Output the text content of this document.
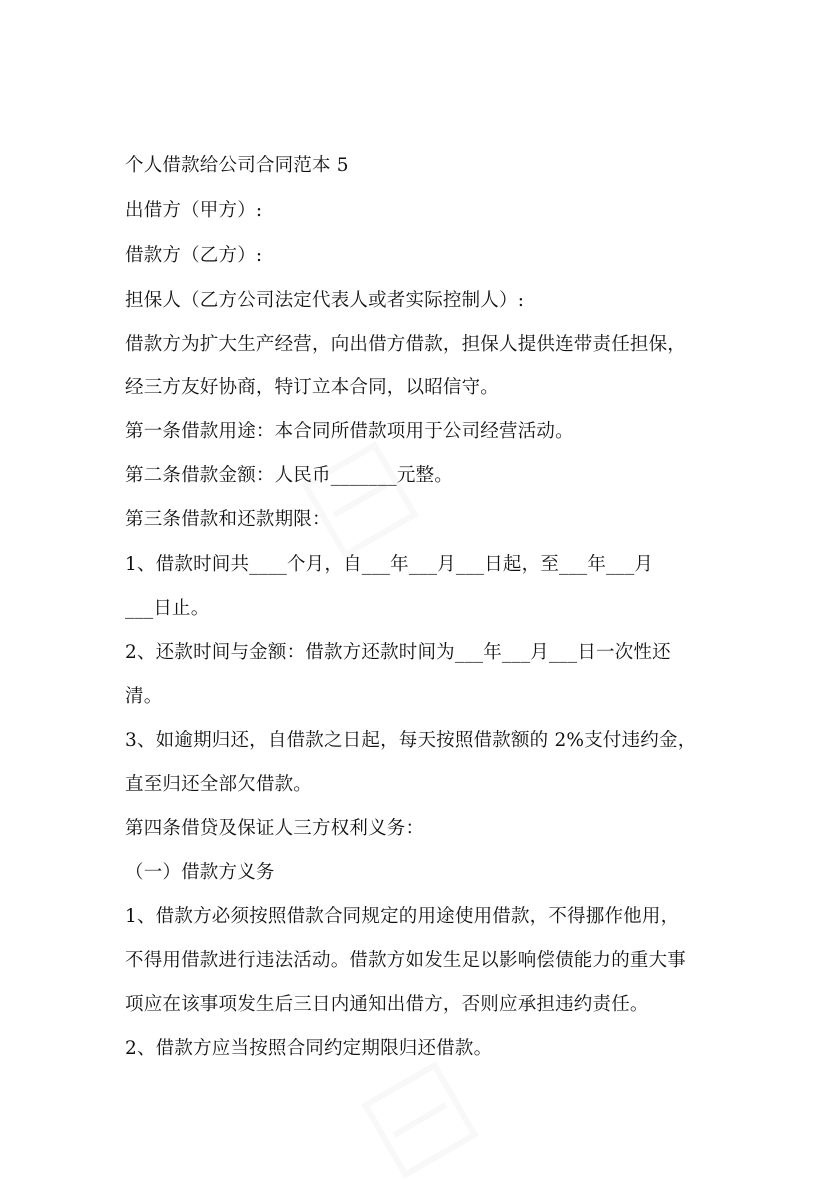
个人借款给公司合同范本 5
出借方（甲方）:
借款方（乙方）:
担保人（乙方公司法定代表人或者实际控制人）:
借款方为扩大生产经营，向出借方借款，担保人提供连带责任担保，
经三方友好协商，特订立本合同，以昭信守。
第一条借款用途：本合同所借款项用于公司经营活动。
第二条借款金额：人民币_______元整。
第三条借款和还款期限：
1、借款时间共____个月，自___年___月___日起，至___年___月
___日止。
2、还款时间与金额：借款方还款时间为___年___月___日一次性还
清。
3、如逾期归还，自借款之日起，每天按照借款额的 2%支付违约金，
直至归还全部欠借款。
第四条借贷及保证人三方权利义务：
（一）借款方义务
1、借款方必须按照借款合同规定的用途使用借款，不得挪作他用，
不得用借款进行违法活动。借款方如发生足以影响偿债能力的重大事
项应在该事项发生后三日内通知出借方，否则应承担违约责任。
2、借款方应当按照合同约定期限归还借款。
